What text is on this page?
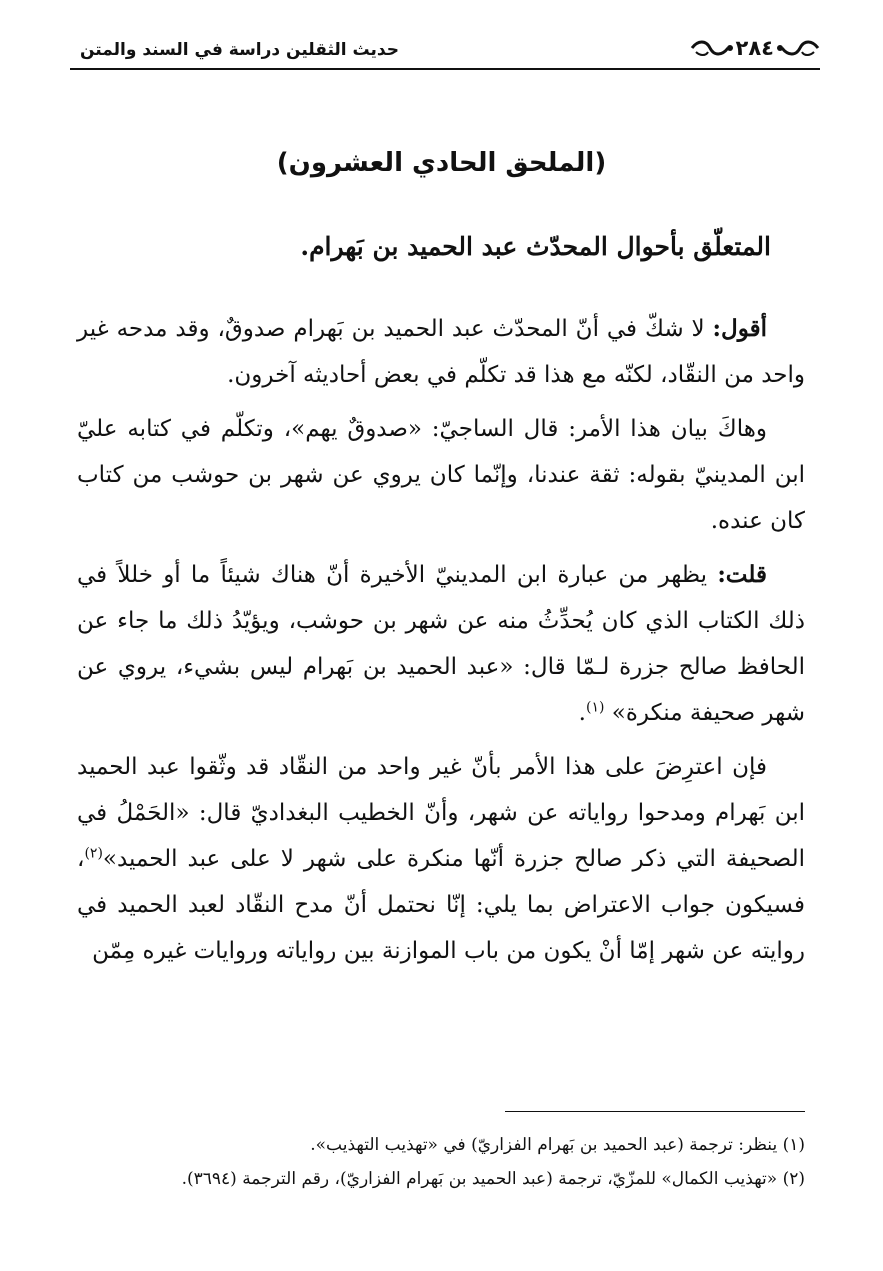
حديث الثقلين دراسة في السند والمتن	٢٨٤
(الملحق الحادي العشرون)
المتعلّق بأحوال المحدّث عبد الحميد بن بَهرام.

أقول: لا شكّ في أنّ المحدّث عبد الحميد بن بَهرام صدوقٌ، وقد مدحه غير واحد من النقّاد، لكنّه مع هذا قد تكلّم في بعض أحاديثه آخرون.

وهاكَ بيان هذا الأمر: قال الساجيّ: «صدوقٌ يهم»، وتكلّم في كتابه عليّ ابن المدينيّ بقوله: ثقة عندنا، وإنّما كان يروي عن شهر بن حوشب من كتاب كان عنده.

قلت: يظهر من عبارة ابن المدينيّ الأخيرة أنّ هناك شيئاً ما أو خللاً في ذلك الكتاب الذي كان يُحدِّثُ منه عن شهر بن حوشب، ويؤيّدُ ذلك ما جاء عن الحافظ صالح جزرة لـمّا قال: «عبد الحميد بن بَهرام ليس بشيء، يروي عن شهر صحيفة منكرة» $^{(١)}$.

فإن اعترِضَ على هذا الأمر بأنّ غير واحد من النقّاد قد وثّقوا عبد الحميد ابن بَهرام ومدحوا رواياته عن شهر، وأنّ الخطيب البغداديّ قال: «الحَمْلُ في الصحيفة التي ذكر صالح جزرة أنّها منكرة على شهر لا على عبد الحميد»$^{(٢)}$، فسيكون جواب الاعتراض بما يلي: إنّا نحتمل أنّ مدح النقّاد لعبد الحميد في روايته عن شهر إمّا أنْ يكون من باب الموازنة بين رواياته وروايات غيره مِمّن

(١) ينظر: ترجمة (عبد الحميد بن بَهرام الفزاريّ) في «تهذيب التهذيب».
(٢) «تهذيب الكمال» للمزّيّ، ترجمة (عبد الحميد بن بَهرام الفزاريّ)، رقم الترجمة (٣٦٩٤).
